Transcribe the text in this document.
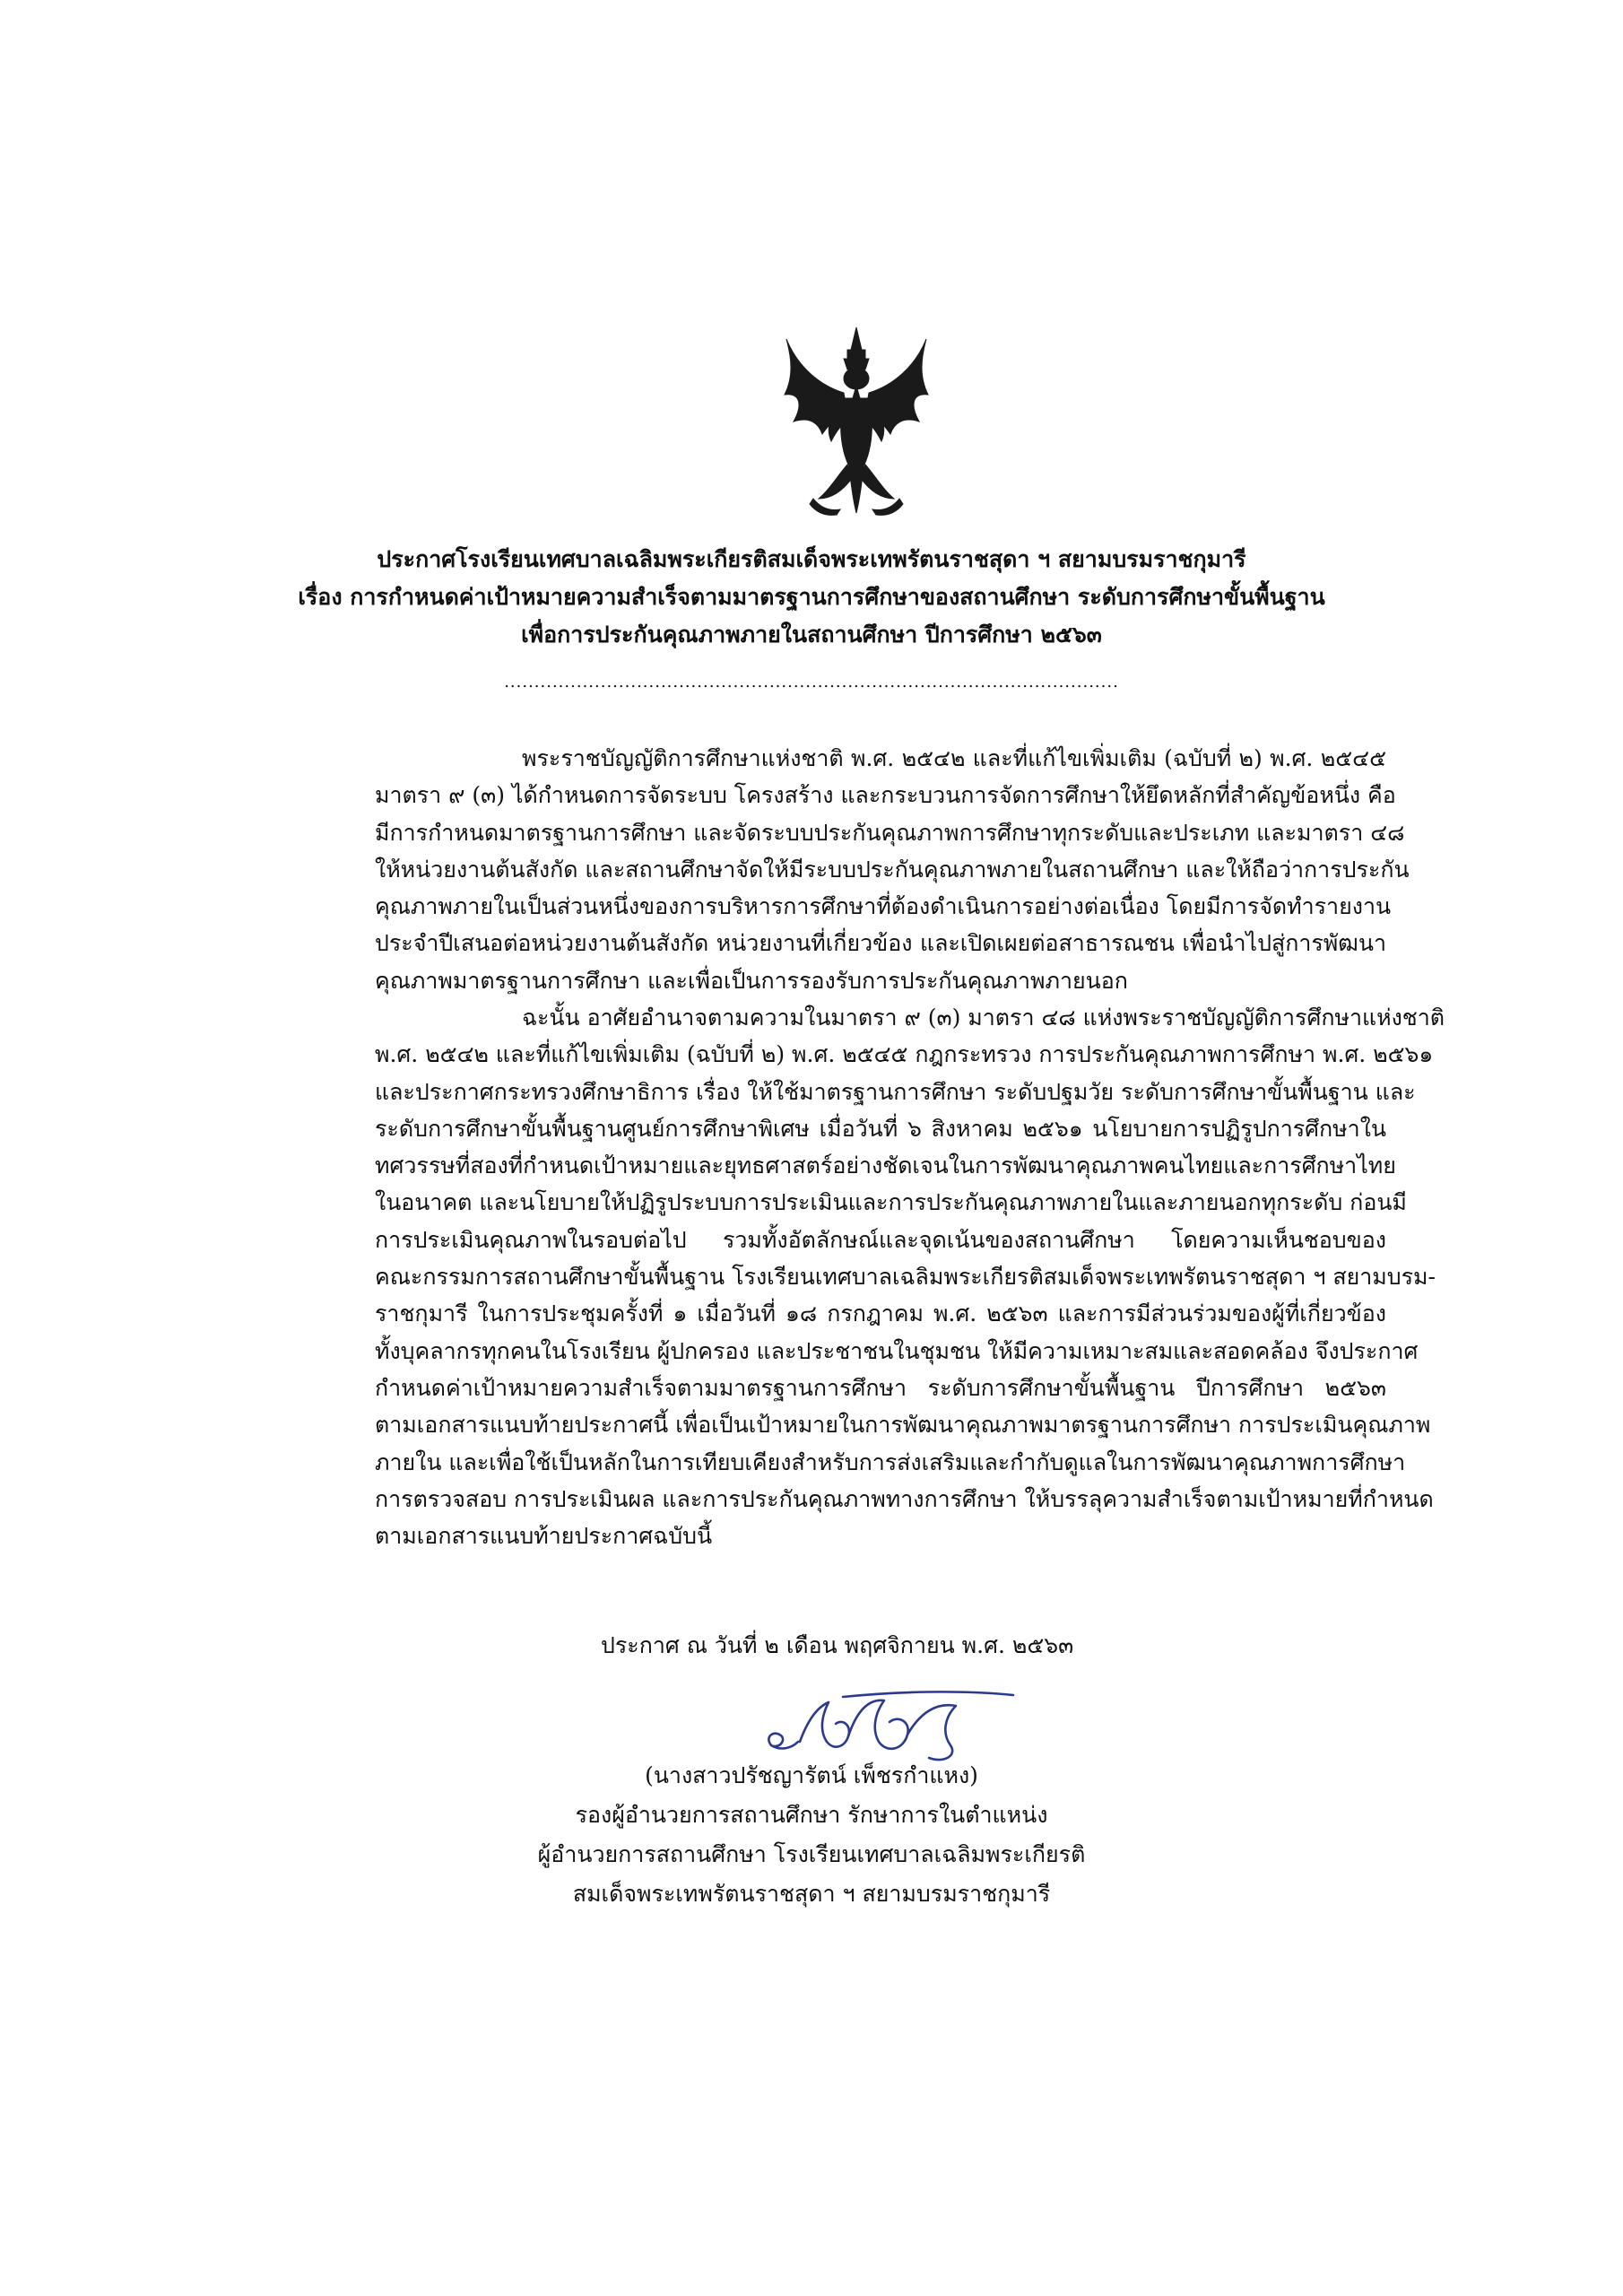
ประกาศโรงเรียนเทศบาลเฉลิมพระเกียรติสมเด็จพระเทพรัตนราชสุดา ฯ สยามบรมราชกุมารี
เรื่อง การกำหนดค่าเป้าหมายความสำเร็จตามมาตรฐานการศึกษาของสถานศึกษา ระดับการศึกษาขั้นพื้นฐาน
เพื่อการประกันคุณภาพภายในสถานศึกษา ปีการศึกษา ๒๕๖๓
......................................................................................................
พระราชบัญญัติการศึกษาแห่งชาติ พ.ศ. ๒๕๔๒ และที่แก้ไขเพิ่มเติม (ฉบับที่ ๒) พ.ศ. ๒๕๔๕
มาตรา ๙ (๓) ได้กำหนดการจัดระบบ โครงสร้าง และกระบวนการจัดการศึกษาให้ยึดหลักที่สำคัญข้อหนึ่ง คือ
มีการกำหนดมาตรฐานการศึกษา และจัดระบบประกันคุณภาพการศึกษาทุกระดับและประเภท และมาตรา ๔๘
ให้หน่วยงานต้นสังกัด และสถานศึกษาจัดให้มีระบบประกันคุณภาพภายในสถานศึกษา และให้ถือว่าการประกัน
คุณภาพภายในเป็นส่วนหนึ่งของการบริหารการศึกษาที่ต้องดำเนินการอย่างต่อเนื่อง โดยมีการจัดทำรายงาน
ประจำปีเสนอต่อหน่วยงานต้นสังกัด หน่วยงานที่เกี่ยวข้อง และเปิดเผยต่อสาธารณชน เพื่อนำไปสู่การพัฒนา
คุณภาพมาตรฐานการศึกษา และเพื่อเป็นการรองรับการประกันคุณภาพภายนอก
ฉะนั้น อาศัยอำนาจตามความในมาตรา ๙ (๓) มาตรา ๔๘ แห่งพระราชบัญญัติการศึกษาแห่งชาติ
พ.ศ. ๒๕๔๒ และที่แก้ไขเพิ่มเติม (ฉบับที่ ๒) พ.ศ. ๒๕๔๕ กฎกระทรวง การประกันคุณภาพการศึกษา พ.ศ. ๒๕๖๑
และประกาศกระทรวงศึกษาธิการ เรื่อง ให้ใช้มาตรฐานการศึกษา ระดับปฐมวัย ระดับการศึกษาขั้นพื้นฐาน และ
ระดับการศึกษาขั้นพื้นฐานศูนย์การศึกษาพิเศษ เมื่อวันที่ ๖ สิงหาคม ๒๕๖๑ นโยบายการปฏิรูปการศึกษาใน
ทศวรรษที่สองที่กำหนดเป้าหมายและยุทธศาสตร์อย่างชัดเจนในการพัฒนาคุณภาพคนไทยและการศึกษาไทย
ในอนาคต และนโยบายให้ปฏิรูประบบการประเมินและการประกันคุณภาพภายในและภายนอกทุกระดับ ก่อนมี
การประเมินคุณภาพในรอบต่อไป รวมทั้งอัตลักษณ์และจุดเน้นของสถานศึกษา โดยความเห็นชอบของ
คณะกรรมการสถานศึกษาขั้นพื้นฐาน โรงเรียนเทศบาลเฉลิมพระเกียรติสมเด็จพระเทพรัตนราชสุดา ฯ สยามบรม-
ราชกุมารี ในการประชุมครั้งที่ ๑ เมื่อวันที่ ๑๘ กรกฎาคม พ.ศ. ๒๕๖๓ และการมีส่วนร่วมของผู้ที่เกี่ยวข้อง
ทั้งบุคลากรทุกคนในโรงเรียน ผู้ปกครอง และประชาชนในชุมชน ให้มีความเหมาะสมและสอดคล้อง จึงประกาศ
กำหนดค่าเป้าหมายความสำเร็จตามมาตรฐานการศึกษา ระดับการศึกษาขั้นพื้นฐาน ปีการศึกษา ๒๕๖๓
ตามเอกสารแนบท้ายประกาศนี้ เพื่อเป็นเป้าหมายในการพัฒนาคุณภาพมาตรฐานการศึกษา การประเมินคุณภาพ
ภายใน และเพื่อใช้เป็นหลักในการเทียบเคียงสำหรับการส่งเสริมและกำกับดูแลในการพัฒนาคุณภาพการศึกษา
การตรวจสอบ การประเมินผล และการประกันคุณภาพทางการศึกษา ให้บรรลุความสำเร็จตามเป้าหมายที่กำหนด
ตามเอกสารแนบท้ายประกาศฉบับนี้
ประกาศ ณ วันที่ ๒ เดือน พฤศจิกายน พ.ศ. ๒๕๖๓
(นางสาวปรัชญารัตน์ เพ็ชรกำแหง)
รองผู้อำนวยการสถานศึกษา รักษาการในตำแหน่ง
ผู้อำนวยการสถานศึกษา โรงเรียนเทศบาลเฉลิมพระเกียรติ
สมเด็จพระเทพรัตนราชสุดา ฯ สยามบรมราชกุมารี
